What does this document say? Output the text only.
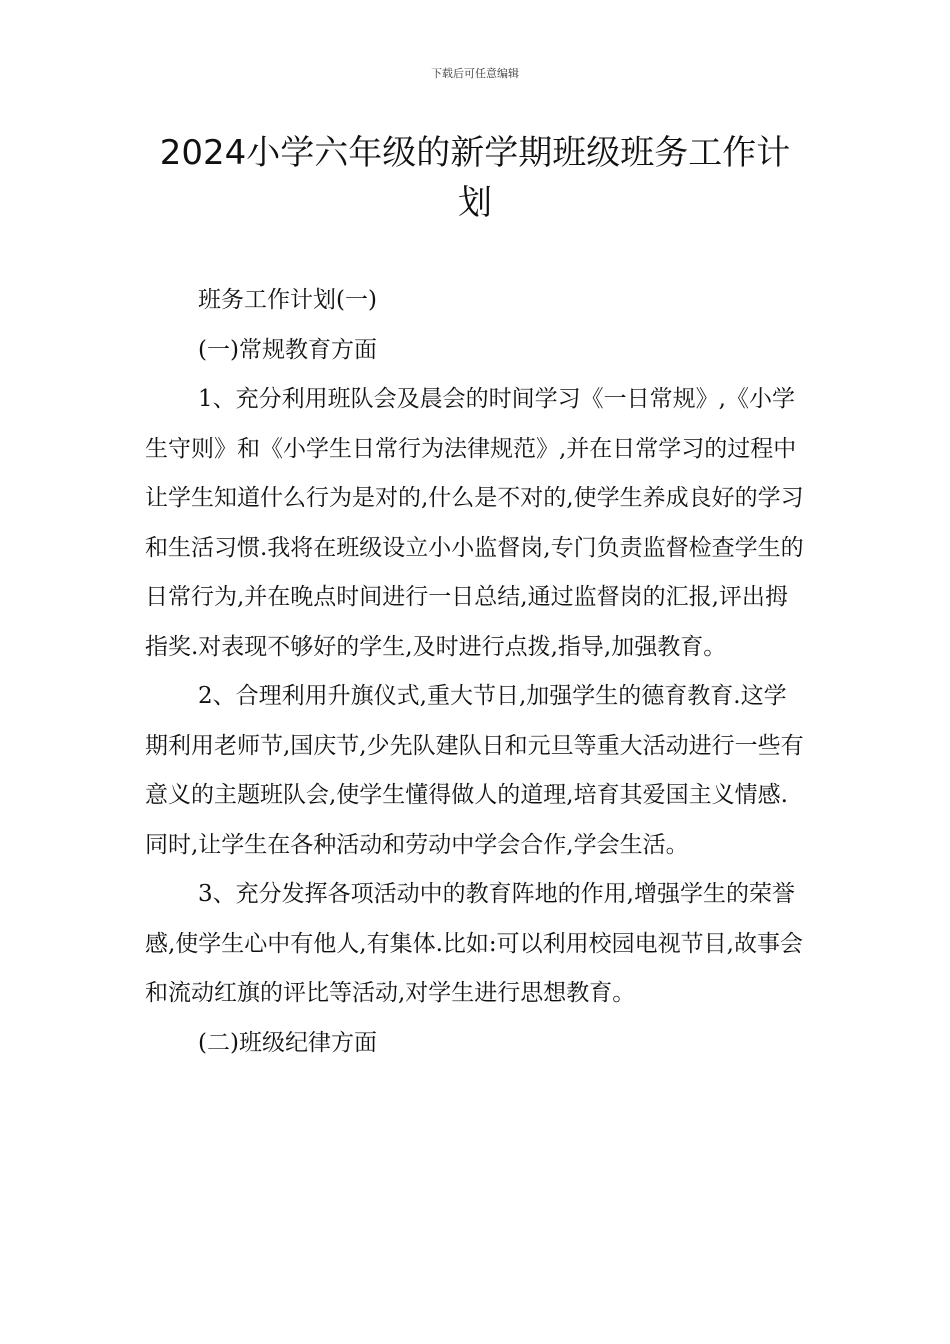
下载后可任意编辑
2024小学六年级的新学期班级班务工作计
划

班务工作计划(一)

(一)常规教育方面

1、充分利用班队会及晨会的时间学习《一日常规》,《小学生守则》和《小学生日常行为法律规范》,并在日常学习的过程中让学生知道什么行为是对的,什么是不对的,使学生养成良好的学习和生活习惯.我将在班级设立小小监督岗,专门负责监督检查学生的日常行为,并在晚点时间进行一日总结,通过监督岗的汇报,评出拇指奖.对表现不够好的学生,及时进行点拨,指导,加强教育。

2、合理利用升旗仪式,重大节日,加强学生的德育教育.这学期利用老师节,国庆节,少先队建队日和元旦等重大活动进行一些有意义的主题班队会,使学生懂得做人的道理,培育其爱国主义情感.同时,让学生在各种活动和劳动中学会合作,学会生活。

3、充分发挥各项活动中的教育阵地的作用,增强学生的荣誉感,使学生心中有他人,有集体.比如:可以利用校园电视节目,故事会和流动红旗的评比等活动,对学生进行思想教育。

(二)班级纪律方面
